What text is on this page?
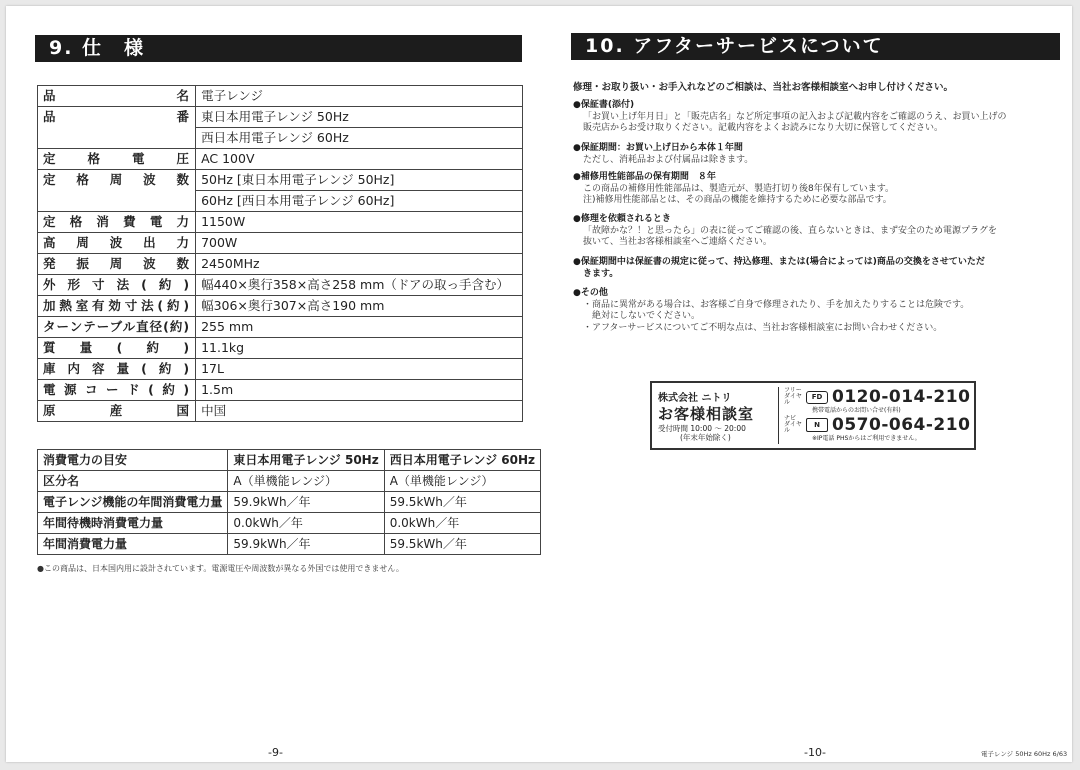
9. 仕　様
品名	電子レンジ
品番	東日本用電子レンジ 50Hz
	西日本用電子レンジ 60Hz
定格電圧	AC 100V
定格周波数	50Hz [東日本用電子レンジ 50Hz]
	60Hz [西日本用電子レンジ 60Hz]
定格消費電力	1150W
高周波出力	700W
発振周波数	2450MHz
外形寸法(約)	幅440×奥行358×高さ258 mm（ドアの取っ手含む）
加熱室有効寸法(約)	幅306×奥行307×高さ190 mm
ターンテーブル直径(約)	255 mm
質量(約)	11.1kg
庫内容量(約)	17L
電源コード(約)	1.5m
原産国	中国
消費電力の目安	東日本用電子レンジ 50Hz	西日本用電子レンジ 60Hz
区分名	A（単機能レンジ）	A（単機能レンジ）
電子レンジ機能の年間消費電力量	59.9kWh／年	59.5kWh／年
年間待機時消費電力量	0.0kWh／年	0.0kWh／年
年間消費電力量	59.9kWh／年	59.5kWh／年
●この商品は、日本国内用に設計されています。電源電圧や周波数が異なる外国では使用できません。
-9-
10. アフターサービスについて
修理・お取り扱い・お手入れなどのご相談は、当社お客様相談室へお申し付けください。
●保証書(添付)
「お買い上げ年月日」と「販売店名」など所定事項の記入および記載内容をご確認のうえ、お買い上げの
販売店からお受け取りください。記載内容をよくお読みになり大切に保管してください。
●保証期間：お買い上げ日から本体１年間
ただし、消耗品および付属品は除きます。
●補修用性能部品の保有期間　８年
この商品の補修用性能部品は、製造元が、製造打切り後8年保有しています。
注)補修用性能部品とは、その商品の機能を維持するために必要な部品です。
●修理を依頼されるとき
「故障かな？！と思ったら」の表に従ってご確認の後、直らないときは、まず安全のため電源プラグを
抜いて、当社お客様相談室へご連絡ください。
●保証期間中は保証書の規定に従って、持込修理、または(場合によっては)商品の交換をさせていただ
きます。
●その他
・商品に異常がある場合は、お客様ご自身で修理されたり、手を加えたりすることは危険です。
　絶対にしないでください。
・アフターサービスについてご不明な点は、当社お客様相談室にお問い合わせください。
株式会社 ニトリ
お客様相談室
受付時間 10:00 〜 20:00
(年末年始除く)
フリーダイヤル
FD 0120-014-210
携帯電話からのお問い合せ(有料)
ナビダイヤル
N 0570-064-210
※IP電話 PHSからはご利用できません。
-10-	電子レンジ 50Hz 60Hz 6/63
